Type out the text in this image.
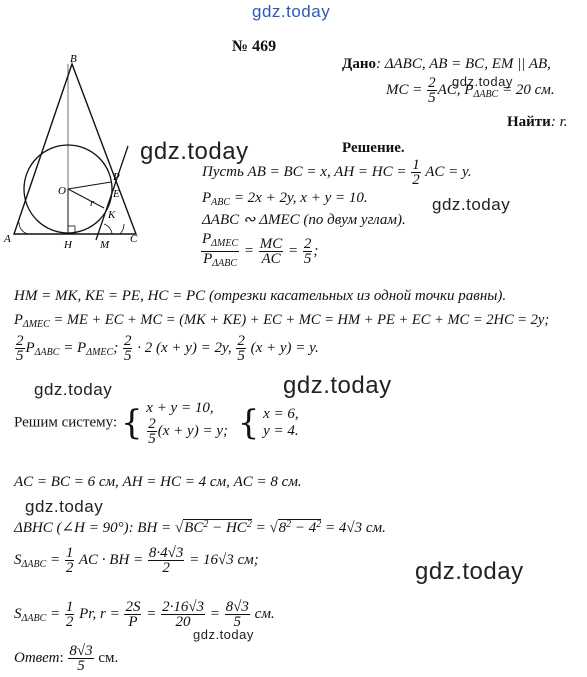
gdz.today
№ 469
Дано: ΔABC, AB = BC, EM || AB,
MC = $\frac{2}{5}$ AC, $P_{\Delta ABC} = 20$ см.
Найти: r.
B
O
P
E
r
K
A	H	M C
gdz.today
gdz.today
gdz.today
gdz.today	gdz.today
gdz.today
gdz.today
gdz.today
Решение.
Пусть AB = BC = x, AH = HC = $\frac{1}{2}$ AC = y.
$P_{ABC} = 2x + 2y$, x + y = 10.
ΔABC ∾ ΔMEC (по двум углам).
$\frac{P_{\Delta MEC}}{P_{\Delta ABC}} = \frac{MC}{AC} = \frac{2}{5}$ ;
HM = MK, KE = PE, HC = PC (отрезки касательных из одной точки равны).
$P_{\Delta MEC}$ = ME + EC + MC = (MK + KE) + EC + MC = HM + PE + EC + MC = 2HC = 2y;
$\frac{2}{5} P_{\Delta ABC} = P_{\Delta MEC}$; $\frac{2}{5} \cdot 2$ (x + y) = 2y, $\frac{2}{5} (x + y) = y$.
Решим систему: { x + y = 10,
$\frac{2}{5} (x + y) = y$; { x = 6,
y = 4.
AC = BC = 6 см, AH = HC = 4 см, AC = 8 см.
ΔBHC (∠H = 90°): BH = $√BC^2 - HC^2 = √8^2 - 4^2 = 4√3$ см.
$S_{\Delta ABC} = \frac{1}{2}$ AC · BH = $\frac{8\cdot 4√3}{2} = 16√3$ см;
$S_{\Delta ABC} = \frac{1}{2} Pr$, $r = \frac{2S}{P} = \frac{2\cdot 16√3}{20} = \frac{8√3}{5}$ см.
Ответ: $\frac{8√3}{5}$ см.
